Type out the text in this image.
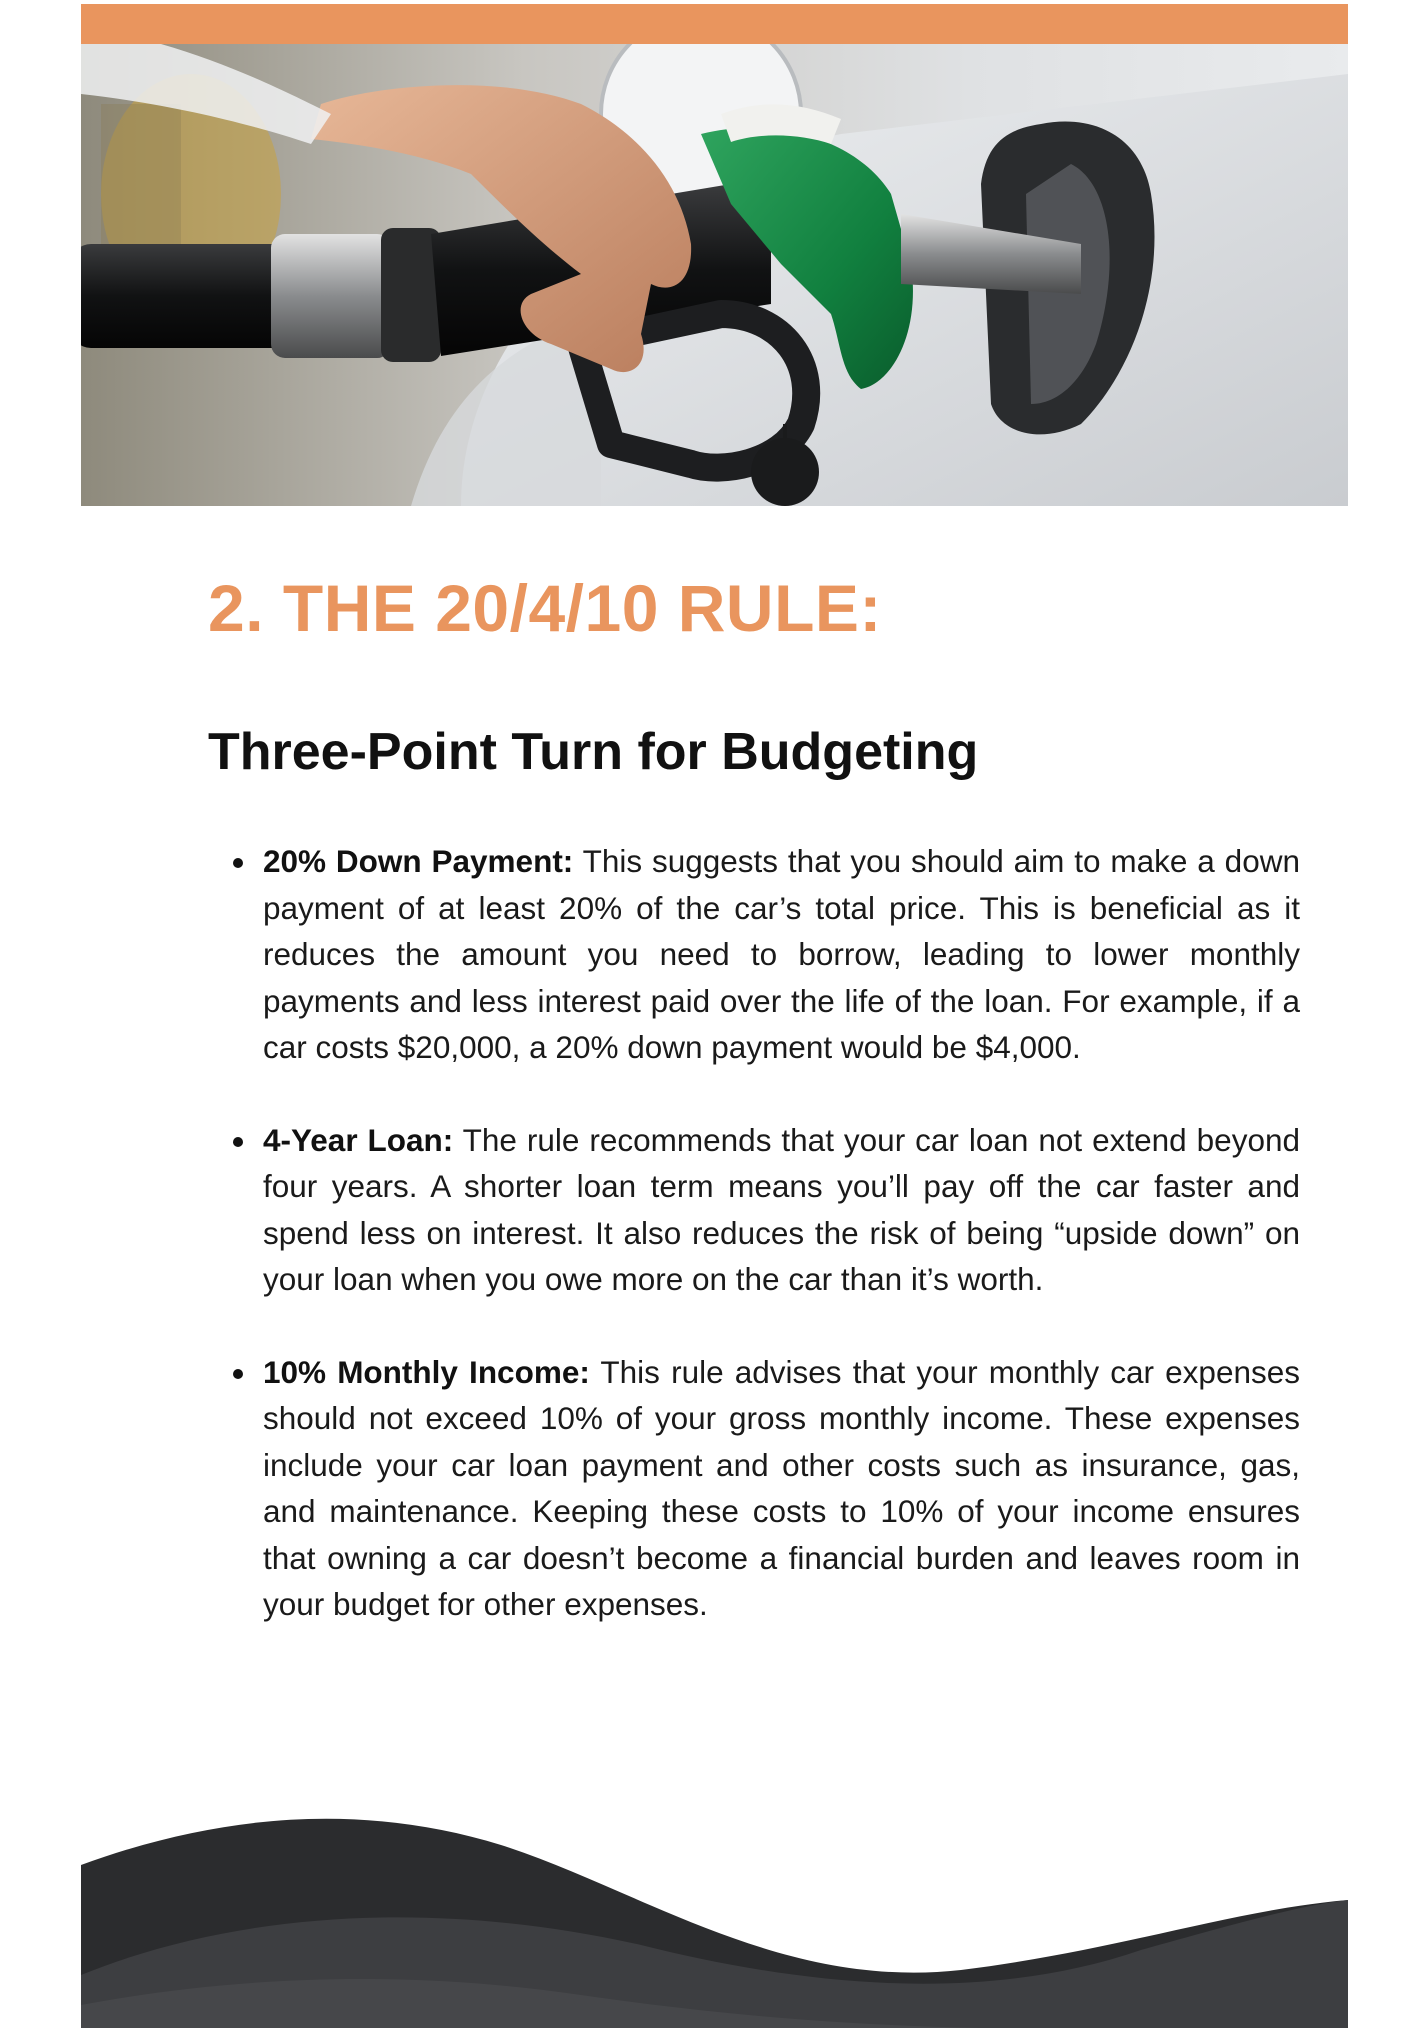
2. THE 20/4/10 RULE:
Three-Point Turn for Budgeting
20% Down Payment: This suggests that you should aim to make a down payment of at least 20% of the car’s total price. This is beneficial as it reduces the amount you need to borrow, leading to lower monthly payments and less interest paid over the life of the loan. For example, if a car costs $20,000, a 20% down payment would be $4,000.
4-Year Loan: The rule recommends that your car loan not extend beyond four years. A shorter loan term means you’ll pay off the car faster and spend less on interest. It also reduces the risk of being “upside down” on your loan when you owe more on the car than it’s worth.
10% Monthly Income: This rule advises that your monthly car expenses should not exceed 10% of your gross monthly income. These expenses include your car loan payment and other costs such as insurance, gas, and maintenance. Keeping these costs to 10% of your income ensures that owning a car doesn’t become a financial burden and leaves room in your budget for other expenses.
